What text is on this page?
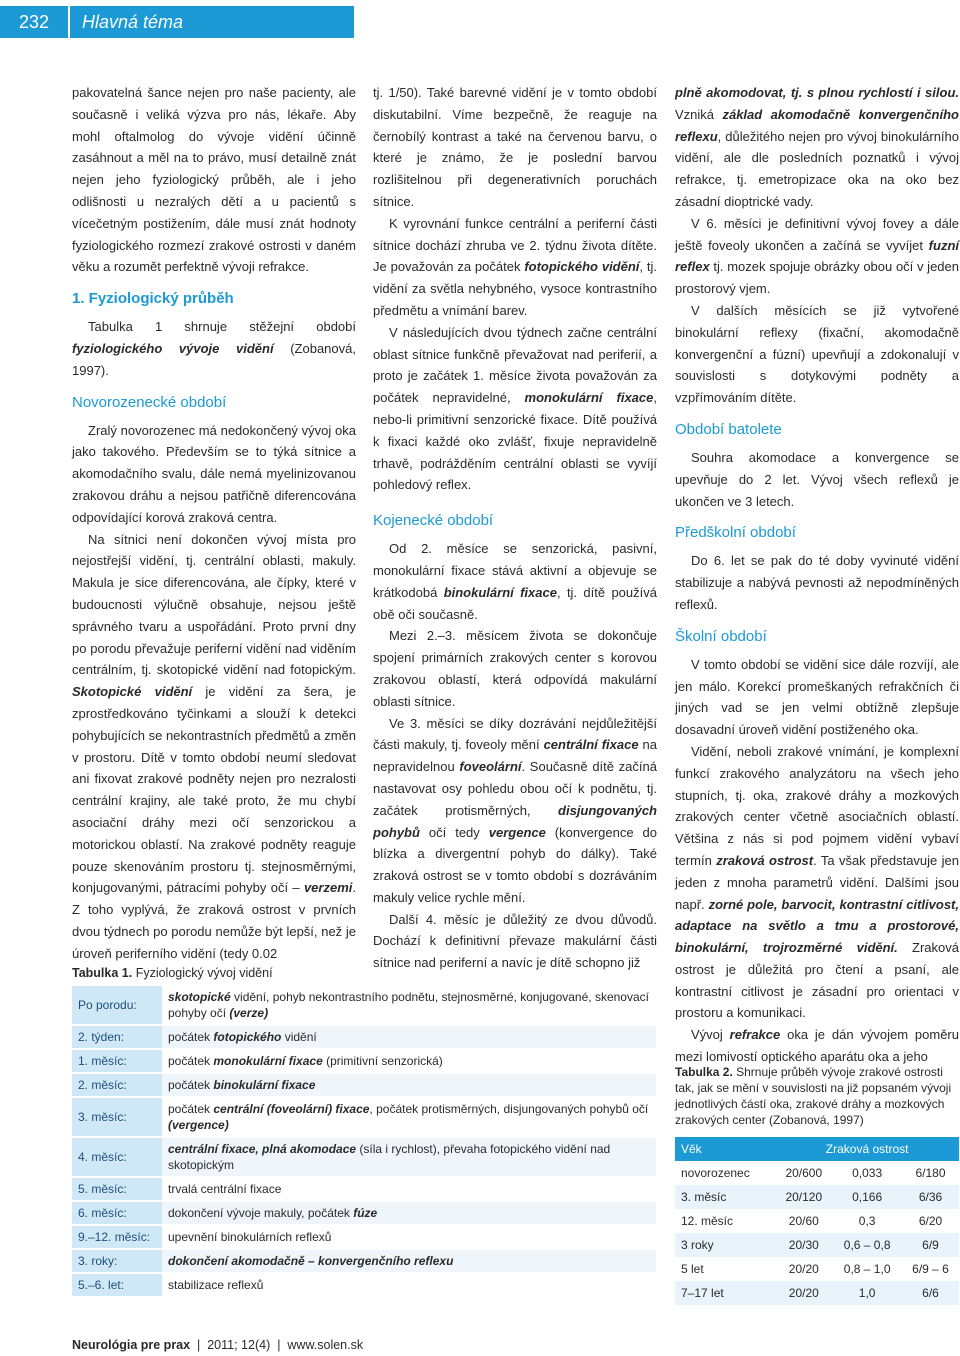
232	Hlavná téma

pakovatelná šance nejen pro naše pacienty, ale současně i veliká výzva pro nás, lékaře. Aby mohl oftalmolog do vývoje vidění účinně zasáhnout a měl na to právo, musí detailně znát nejen jeho fyziologický průběh, ale i jeho odlišnosti u nezralých dětí a u pacientů s vícečetným postižením, dále musí znát hodnoty fyziologického rozmezí zrakové ostrosti v daném věku a rozumět perfektně vývoji refrakce.

1. Fyziologický průběh

Tabulka 1 shrnuje stěžejní období fyziologického vývoje vidění (Zobanová, 1997).

Novorozenecké období

Zralý novorozenec má nedokončený vývoj oka jako takového. Především se to týká sítnice a akomodačního svalu, dále nemá myelinizovanou zrakovou dráhu a nejsou patřičně diferencována odpovídající korová zraková centra.

Na sítnici není dokončen vývoj místa pro nejostřejší vidění, tj. centrální oblasti, makuly. Makula je sice diferencována, ale čípky, které v budoucnosti výlučně obsahuje, nejsou ještě správného tvaru a uspořádání. Proto první dny po porodu převažuje periferní vidění nad viděním centrálním, tj. skotopické vidění nad fotopickým. Skotopické vidění je vidění za šera, je zprostředkováno tyčinkami a slouží k detekci pohybujících se nekontrastních předmětů a změn v prostoru. Dítě v tomto období neumí sledovat ani fixovat zrakové podněty nejen pro nezralosti centrální krajiny, ale také proto, že mu chybí asociační dráhy mezi očí senzorickou a motorickou oblastí. Na zrakové podněty reaguje pouze skenováním prostoru tj. stejnosměrnými, konjugovanými, pátracími pohyby očí – verzemi. Z toho vyplývá, že zraková ostrost v prvních dvou týdnech po porodu nemůže být lepší, než je úroveň periferního vidění (tedy 0.02

tj. 1/50). Také barevné vidění je v tomto období diskutabilní. Víme bezpečně, že reaguje na černobílý kontrast a také na červenou barvu, o které je známo, že je poslední barvou rozlišitelnou při degenerativních poruchách sítnice.

K vyrovnání funkce centrální a periferní části sítnice dochází zhruba ve 2. týdnu života dítěte. Je považován za počátek fotopického vidění, tj. vidění za světla nehybného, vysoce kontrastního předmětu a vnímání barev.

V následujících dvou týdnech začne centrální oblast sítnice funkčně převažovat nad periferií, a proto je začátek 1. měsíce života považován za počátek nepravidelné, monokulární fixace, nebo-li primitivní senzorické fixace. Dítě používá k fixaci každé oko zvlášť, fixuje nepravidelně trhavě, podrážděním centrální oblasti se vyvíjí pohledový reflex.

Kojenecké období

Od 2. měsíce se senzorická, pasivní, monokulární fixace stává aktivní a objevuje se krátkodobá binokulární fixace, tj. dítě používá obě oči současně.

Mezi 2.–3. měsícem života se dokončuje spojení primárních zrakových center s korovou zrakovou oblastí, která odpovídá makulární oblasti sítnice.

Ve 3. měsíci se díky dozrávání nejdůležitější části makuly, tj. foveoly mění centrální fixace na nepravidelnou foveolární. Současně dítě začíná nastavovat osy pohledu obou očí k podnětu, tj. začátek protisměrných, disjungovaných pohybů očí tedy vergence (konvergence do blízka a divergentní pohyb do dálky). Také zraková ostrost se v tomto období s dozráváním makuly velice rychle mění.

Další 4. měsíc je důležitý ze dvou důvodů. Dochází k definitivní převaze makulární části sítnice nad periferní a navíc je dítě schopno již

plně akomodovat, tj. s plnou rychlostí i silou. Vzniká základ akomodačně konvergenčního reflexu, důležitého nejen pro vývoj binokulárního vidění, ale dle posledních poznatků i vývoj refrakce, tj. emetropizace oka na oko bez zásadní dioptrické vady.

V 6. měsíci je definitivní vývoj fovey a dále ještě foveoly ukončen a začíná se vyvíjet fuzní reflex tj. mozek spojuje obrázky obou očí v jeden prostorový vjem.

V dalších měsících se již vytvořené binokulární reflexy (fixační, akomodačně konvergenční a fúzní) upevňují a zdokonalují v souvislosti s dotykovými podněty a vzpřímováním dítěte.

Období batolete

Souhra akomodace a konvergence se upevňuje do 2 let. Vývoj všech reflexů je ukončen ve 3 letech.

Předškolní období

Do 6. let se pak do té doby vyvinuté vidění stabilizuje a nabývá pevnosti až nepodmíněných reflexů.

Školní období

V tomto období se vidění sice dále rozvíjí, ale jen málo. Korekcí promeškaných refrakčních či jiných vad se jen velmi obtížně zlepšuje dosavadní úroveň vidění postiženého oka.

Vidění, neboli zrakové vnímání, je komplexní funkcí zrakového analyzátoru na všech jeho stupních, tj. oka, zrakové dráhy a mozkových zrakových center včetně asociačních oblastí. Většina z nás si pod pojmem vidění vybaví termín zraková ostrost. Ta však představuje jen jeden z mnoha parametrů vidění. Dalšími jsou např. zorné pole, barvocit, kontrastní citlivost, adaptace na světlo a tmu a prostorové, binokulární, trojrozměrné vidění. Zraková ostrost je důležitá pro čtení a psaní, ale kontrastní citlivost je zásadní pro orientaci v prostoru a komunikaci.

Vývoj refrakce oka je dán vývojem poměru mezi lomivostí optického aparátu oka a jeho

Tabulka 1. Fyziologický vývoj vidění
Po porodu:	skotopické vidění, pohyb nekontrastního podnětu, stejnosměrné, konjugované, skenovací pohyby očí (verze)
2. týden:	počátek fotopického vidění
1. měsíc:	počátek monokulární fixace (primitivní senzorická)
2. měsíc:	počátek binokulární fixace
3. měsíc:	počátek centrální (foveolární) fixace, počátek protisměrných, disjungovaných pohybů očí (vergence)
4. měsíc:	centrální fixace, plná akomodace (síla i rychlost), převaha fotopického vidění nad skotopickým
5. měsíc:	trvalá centrální fixace
6. měsíc:	dokončení vývoje makuly, počátek fúze
9.–12. měsíc:	upevnění binokulárních reflexů
3. roky:	dokončení akomodačně – konvergenčního reflexu
5.–6. let:	stabilizace reflexů
Tabulka 2. Shrnuje průběh vývoje zrakové ostrosti tak, jak se mění v souvislosti na již popsaném vývoji jednotlivých částí oka, zrakové dráhy a mozkových zrakových center (Zobanová, 1997)
Věk	Zraková ostrost		
novorozenec	20/600	0,033	6/180
3. měsíc	20/120	0,166	6/36
12. měsíc	20/60	0,3	6/20
3 roky	20/30	0,6 – 0,8	6/9
5 let	20/20	0,8 – 1,0	6/9 – 6
7–17 let	20/20	1,0	6/6
Neurológia pre prax  |  2011; 12(4)  |  www.solen.sk
